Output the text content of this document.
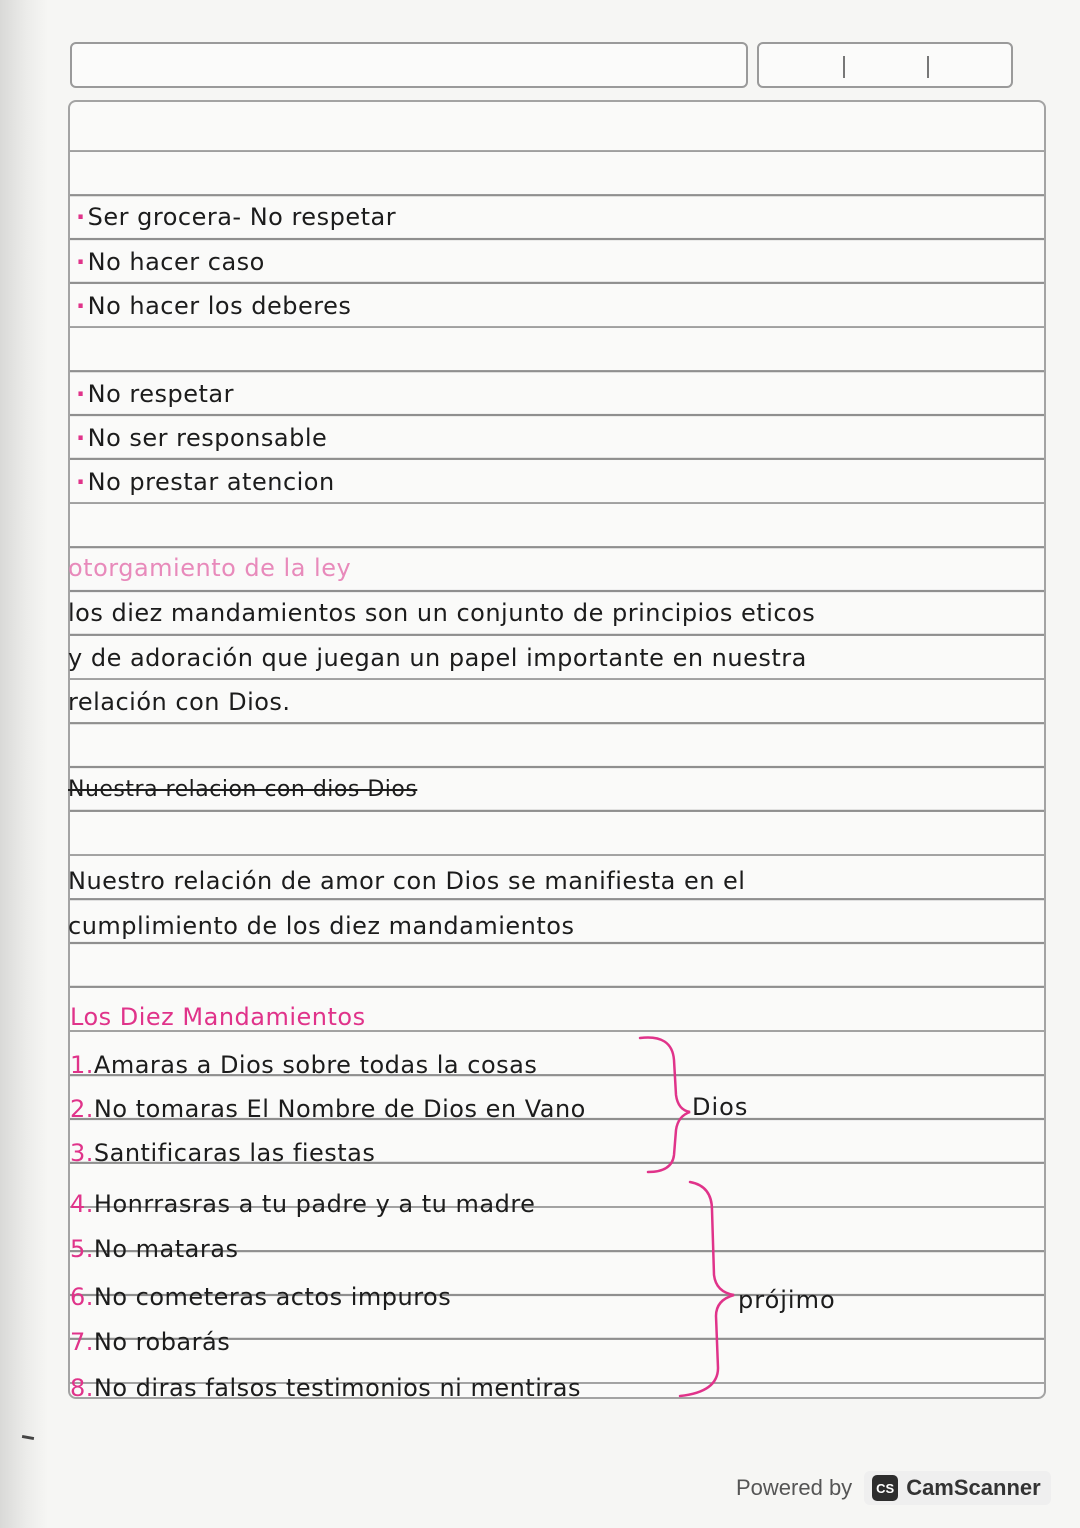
·Ser grocera- No respetar
·No hacer caso
·No hacer los deberes
·No respetar
·No ser responsable
·No prestar atencion
otorgamiento de la ley
los diez mandamientos son un conjunto de principios eticos
y de adoración que juegan un papel importante en nuestra
relación con Dios.
Nuestra relacion con dios Dios
Nuestro relación de amor con Dios se manifiesta en el
cumplimiento de los diez mandamientos
Los Diez Mandamientos
1.Amaras a Dios sobre todas la cosas
2.No tomaras El Nombre de Dios en Vano
3.Santificaras las fiestas
4.Honrrasras a tu padre y a tu madre
5.No mataras
6.No cometeras actos impuros
7.No robarás
8.No diras falsos testimonios ni mentiras
Dios
prójimo
Powered by	CS CamScanner
